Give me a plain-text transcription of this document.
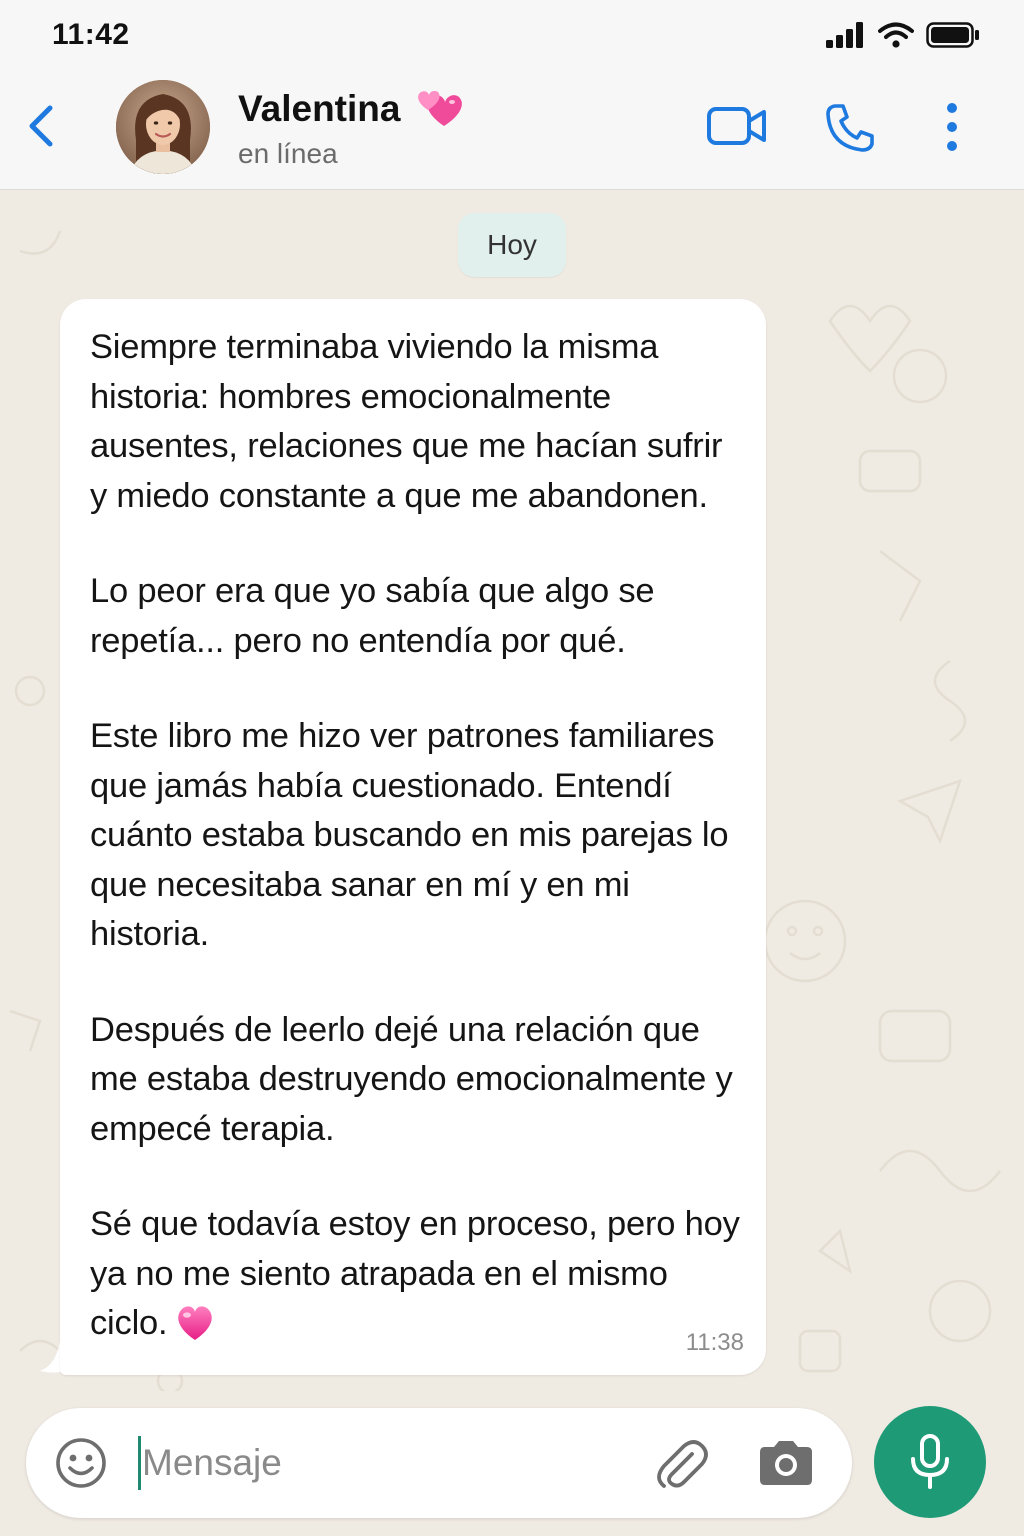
11:42
Valentina
en línea
Hoy

Siempre terminaba viviendo la misma historia: hombres emocionalmente ausentes, relaciones que me hacían sufrir y miedo constante a que me abandonen.

Lo peor era que yo sabía que algo se repetía... pero no entendía por qué.

Este libro me hizo ver patrones familiares que jamás había cuestionado. Entendí cuánto estaba buscando en mis parejas lo que necesitaba sanar en mí y en mi historia.

Después de leerlo dejé una relación que me estaba destruyendo emocionalmente y empecé terapia.

Sé que todavía estoy en proceso, pero hoy ya no me siento atrapada en el mismo ciclo.

11:38
Mensaje
